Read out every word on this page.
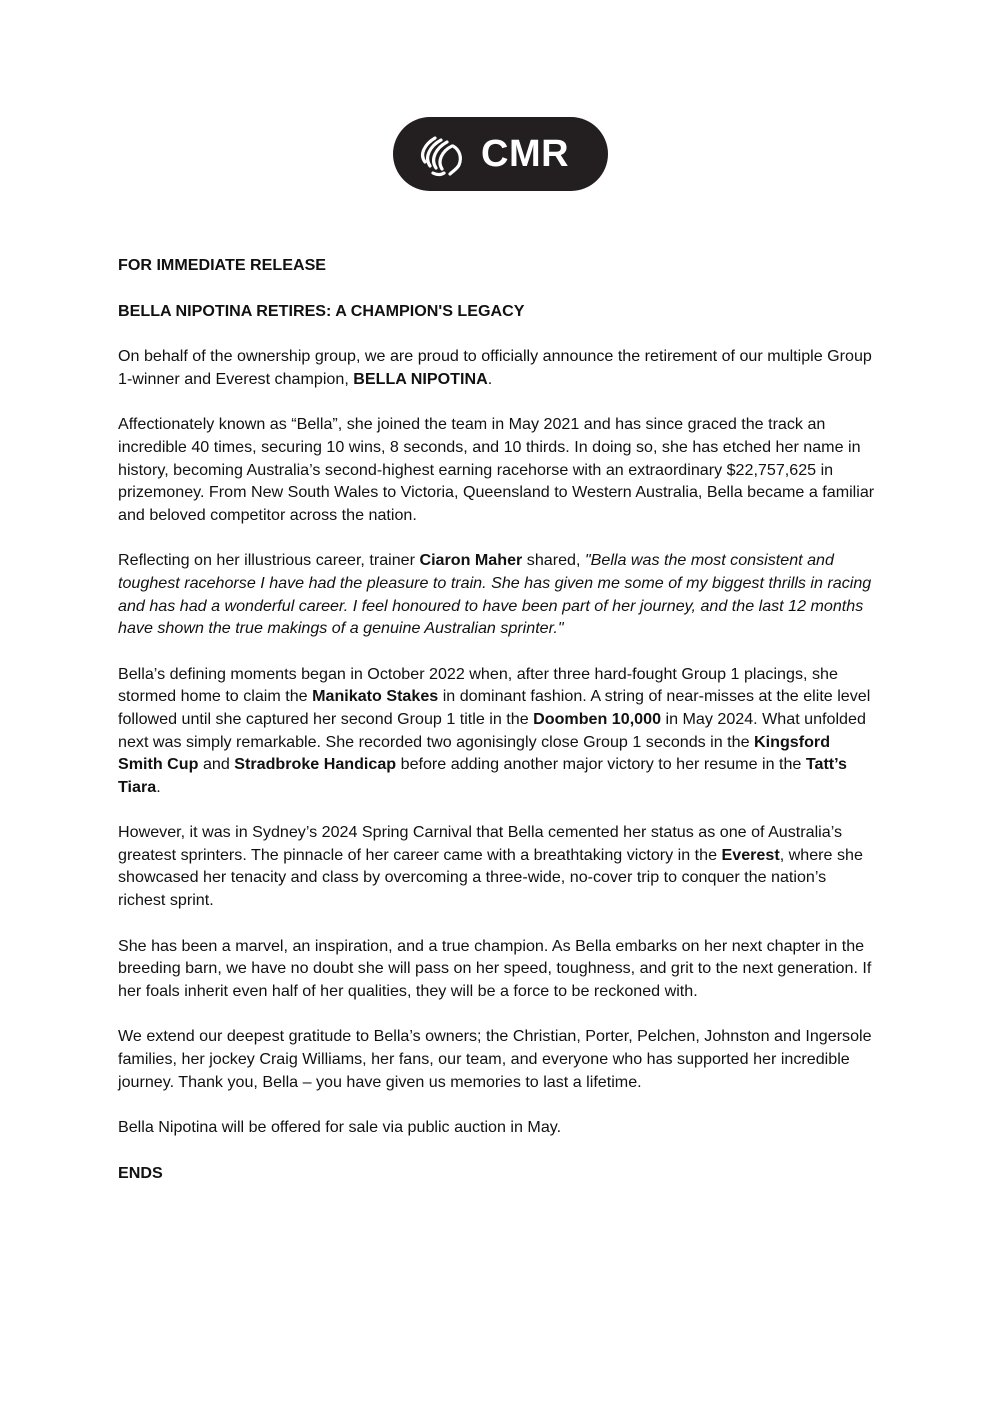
CMR

FOR IMMEDIATE RELEASE

BELLA NIPOTINA RETIRES: A CHAMPION'S LEGACY

On behalf of the ownership group, we are proud to officially announce the retirement of our multiple Group 1-winner and Everest champion, BELLA NIPOTINA.

Affectionately known as “Bella”, she joined the team in May 2021 and has since graced the track an incredible 40 times, securing 10 wins, 8 seconds, and 10 thirds. In doing so, she has etched her name in history, becoming Australia’s second-highest earning racehorse with an extraordinary $22,757,625 in prizemoney. From New South Wales to Victoria, Queensland to Western Australia, Bella became a familiar and beloved competitor across the nation.

Reflecting on her illustrious career, trainer Ciaron Maher shared, "Bella was the most consistent and toughest racehorse I have had the pleasure to train. She has given me some of my biggest thrills in racing and has had a wonderful career. I feel honoured to have been part of her journey, and the last 12 months have shown the true makings of a genuine Australian sprinter."

Bella’s defining moments began in October 2022 when, after three hard-fought Group 1 placings, she stormed home to claim the Manikato Stakes in dominant fashion. A string of near-misses at the elite level followed until she captured her second Group 1 title in the Doomben 10,000 in May 2024. What unfolded next was simply remarkable. She recorded two agonisingly close Group 1 seconds in the Kingsford Smith Cup and Stradbroke Handicap before adding another major victory to her resume in the Tatt’s Tiara.

However, it was in Sydney’s 2024 Spring Carnival that Bella cemented her status as one of Australia’s greatest sprinters. The pinnacle of her career came with a breathtaking victory in the Everest, where she showcased her tenacity and class by overcoming a three-wide, no-cover trip to conquer the nation’s richest sprint.

She has been a marvel, an inspiration, and a true champion. As Bella embarks on her next chapter in the breeding barn, we have no doubt she will pass on her speed, toughness, and grit to the next generation. If her foals inherit even half of her qualities, they will be a force to be reckoned with.

We extend our deepest gratitude to Bella’s owners; the Christian, Porter, Pelchen, Johnston and Ingersole families, her jockey Craig Williams, her fans, our team, and everyone who has supported her incredible journey. Thank you, Bella – you have given us memories to last a lifetime.

Bella Nipotina will be offered for sale via public auction in May.

ENDS
